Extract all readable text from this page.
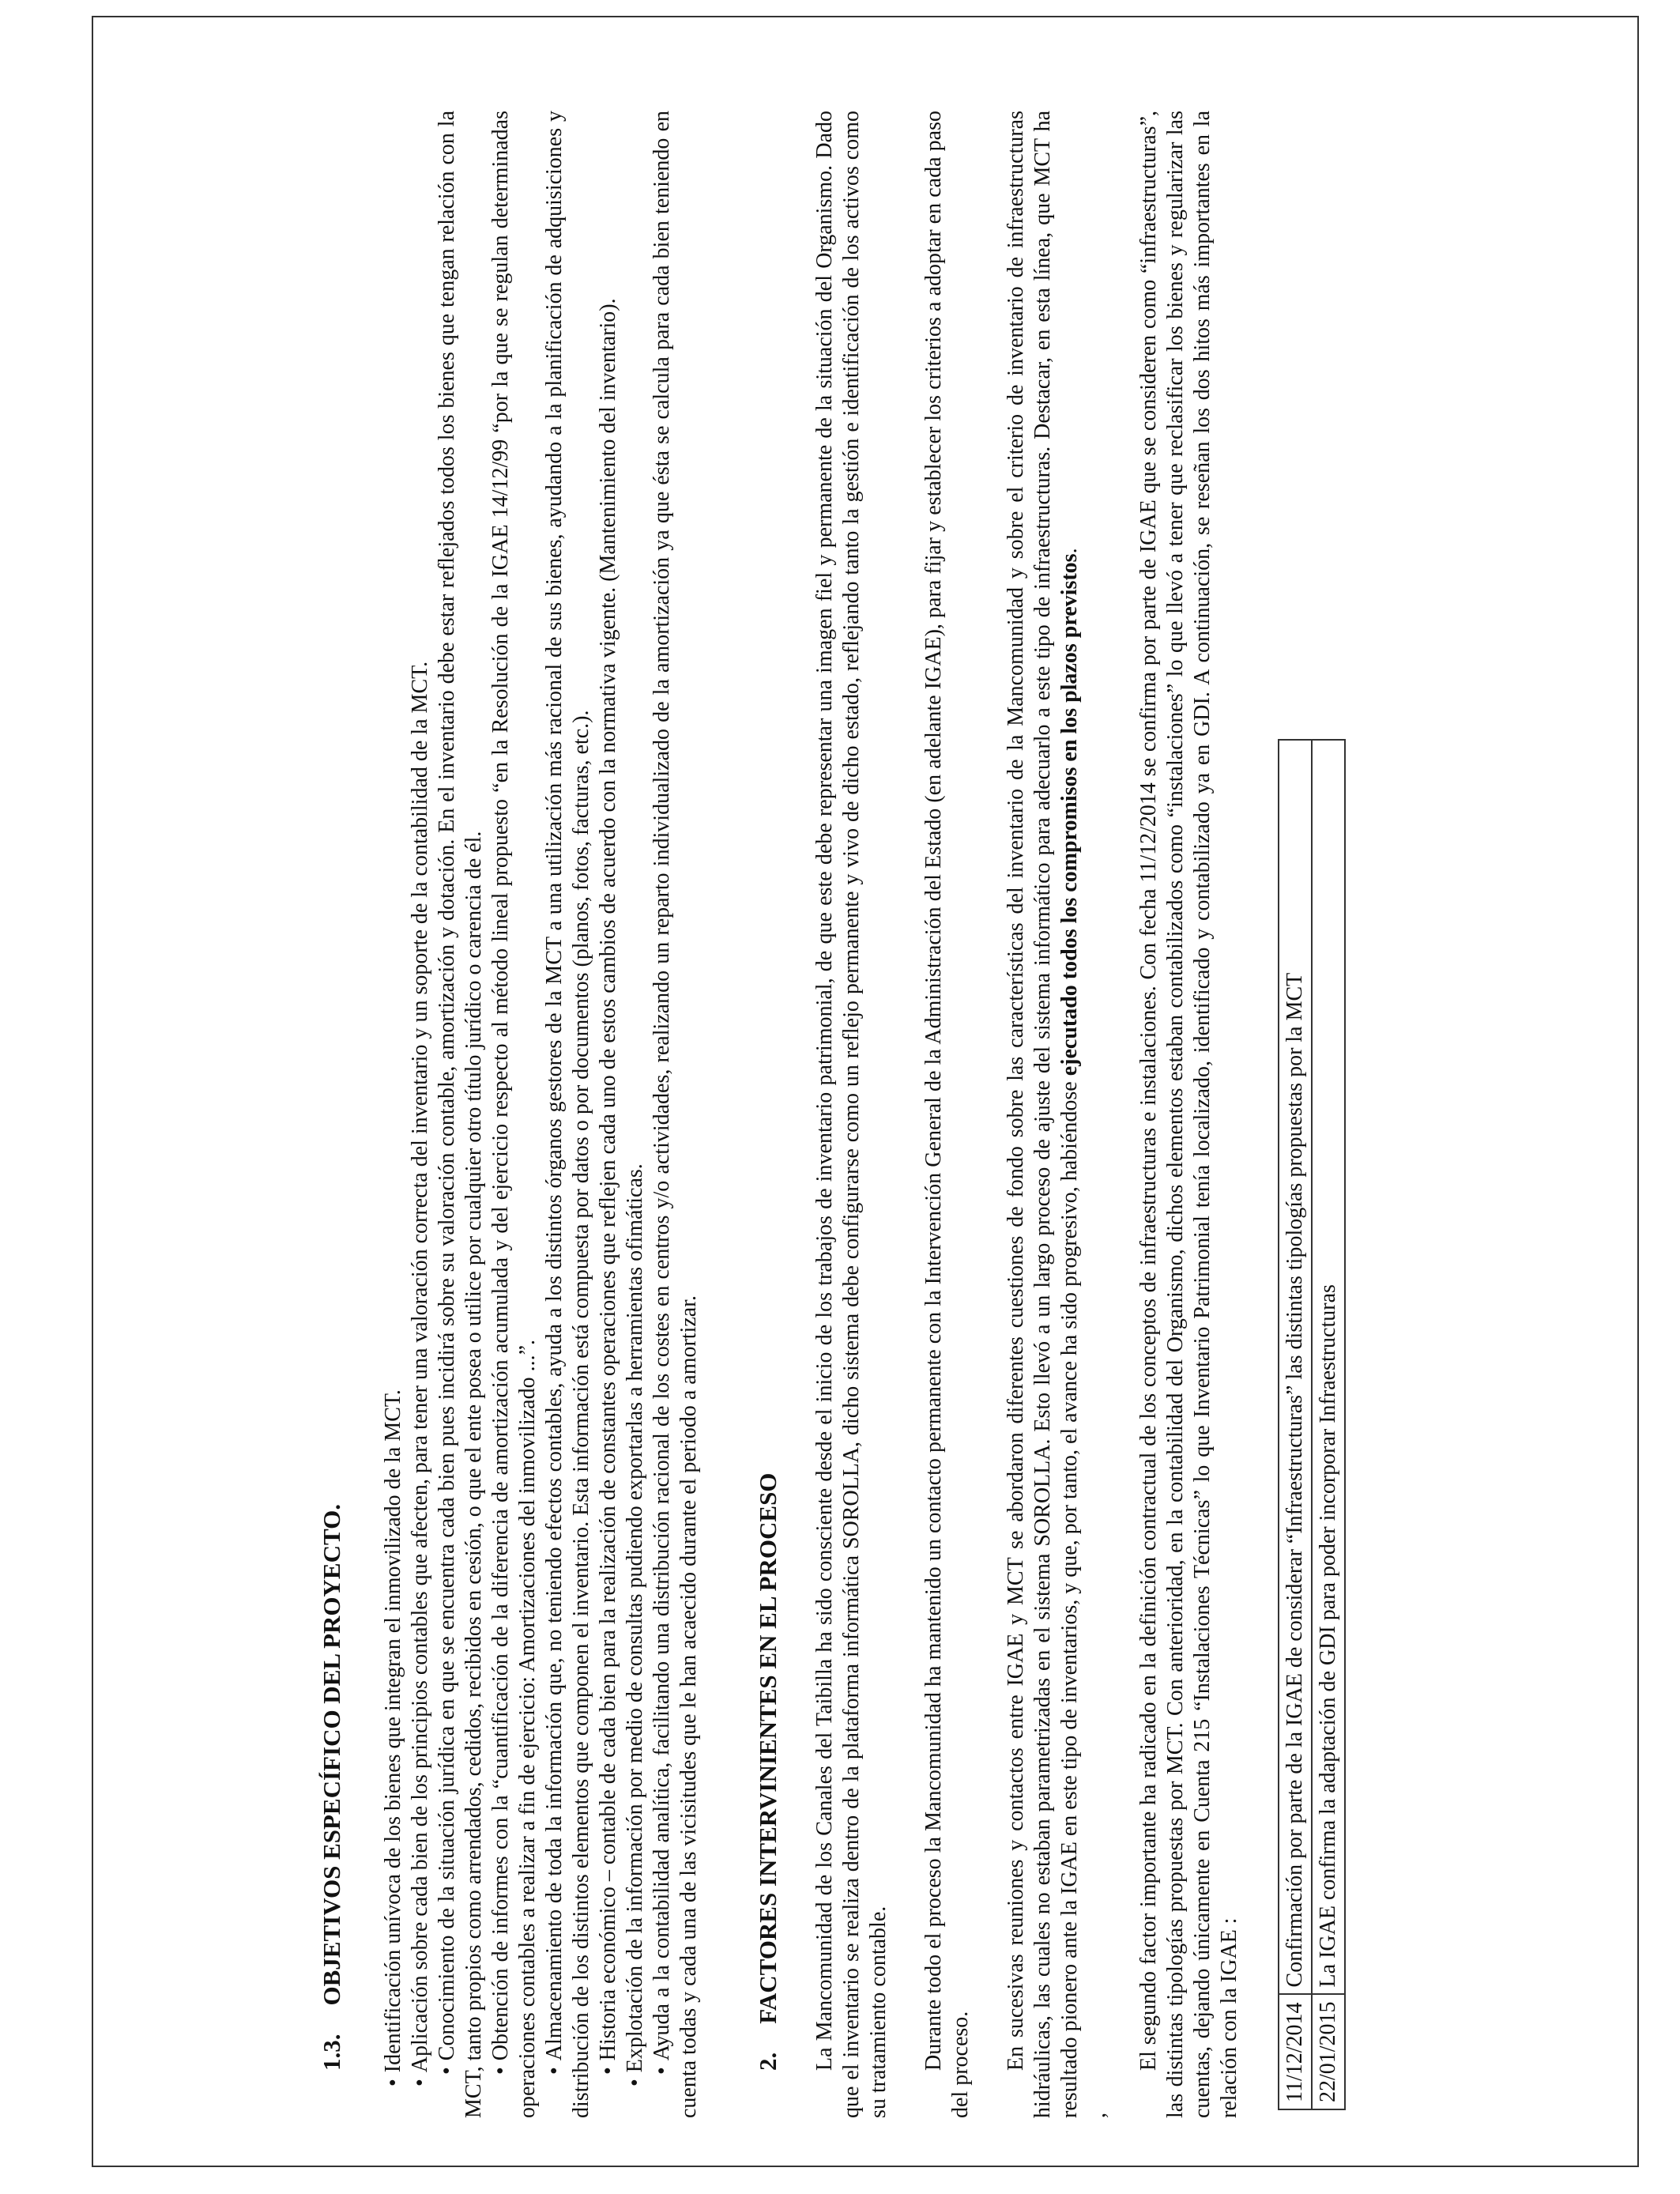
1.3.
OBJETIVOS ESPECÍFICO DEL PROYECTO.
•Identificación unívoca de los bienes que integran el inmovilizado de la MCT.
•Aplicación sobre cada bien de los principios contables que afecten, para tener una valoración correcta del inventario y un soporte de la contabilidad de la MCT. •Conocimiento de la situación jurídica en que se encuentra cada bien pues incidirá sobre su valoración contable, amortización y dotación. En el inventario debe estar reflejados todos los bienes que tengan relación con la MCT, tanto propios como arrendados, cedidos, recibidos en cesión, o que el ente posea o utilice por cualquier otro título jurídico o carencia de él. •Obtención de informes con la “cuantificación de la diferencia de amortización acumulada y del ejercicio respecto al método lineal propuesto “en la Resolución de la IGAE 14/12/99 “por la que se regulan determinadas operaciones contables a realizar a fin de ejercicio: Amortizaciones del inmovilizado ...”. •Almacenamiento de toda la información que, no teniendo efectos contables, ayuda a los distintos órganos gestores de la MCT a una utilización más racional de sus bienes, ayudando a la planificación de adquisiciones y distribución de los distintos elementos que componen el inventario. Esta información está compuesta por datos o por documentos (planos, fotos, facturas, etc.). •Historia económico – contable de cada bien para la realización de constantes operaciones que reflejen cada uno de estos cambios de acuerdo con la normativa vigente. (Mantenimiento del inventario).
•Explotación de la información por medio de consultas pudiendo exportarlas a herramientas ofimáticas. •Ayuda a la contabilidad analítica, facilitando una distribución racional de los costes en centros y/o actividades, realizando un reparto individualizado de la amortización ya que ésta se calcula para cada bien teniendo en cuenta todas y cada una de las vicisitudes que le han acaecido durante el periodo a amortizar. 2.
FACTORES INTERVINIENTES EN EL PROCESO La Mancomunidad de los Canales del Taibilla ha sido consciente desde el inicio de los trabajos de inventario patrimonial, de que este debe representar una imagen fiel y permanente de la situación del Organismo. Dado que el inventario se realiza dentro de la plataforma informática SOROLLA, dicho sistema debe configurarse como un reflejo permanente y vivo de dicho estado, reflejando tanto la gestión e identificación de los activos como su tratamiento contable. Durante todo el proceso la Mancomunidad ha mantenido un contacto permanente con la Intervención General de la Administración del Estado (en adelante IGAE), para fijar y establecer los criterios a adoptar en cada paso del proceso. En sucesivas reuniones y contactos entre IGAE y MCT se abordaron diferentes cuestiones de fondo sobre las características del inventario de la Mancomunidad y sobre el criterio de inventario de infraestructuras hidráulicas, las cuales no estaban parametrizadas en el sistema SOROLLA. Esto llevó a un largo proceso de ajuste del sistema informático para adecuarlo a este tipo de infraestructuras. Destacar, en esta línea, que MCT ha resultado pionero ante la IGAE en este tipo de inventarios, y que, por tanto, el avance ha sido progresivo, habiéndose ejecutado todos los compromisos en los plazos previstos.

,

El segundo factor importante ha radicado en la definición contractual de los conceptos de infraestructuras e instalaciones. Con fecha 11/12/2014 se confirma por parte de IGAE que se consideren como “infraestructuras”, las distintas tipologías propuestas por MCT. Con anterioridad, en la contabilidad del Organismo, dichos elementos estaban contabilizados como “instalaciones” lo que llevó a tener que reclasificar los bienes y regularizar las cuentas, dejando únicamente en Cuenta 215 “Instalaciones Técnicas” lo que Inventario Patrimonial tenía localizado, identificado y contabilizado ya en GDI. A continuación, se reseñan los dos hitos más importantes en la relación con la IGAE : 11/12/2014	Confirmación por parte de la IGAE de considerar “Infraestructuras” las distintas tipologías propuestas por la MCT
22/01/2015	La IGAE confirma la adaptación de GDI para poder incorporar Infraestructuras
